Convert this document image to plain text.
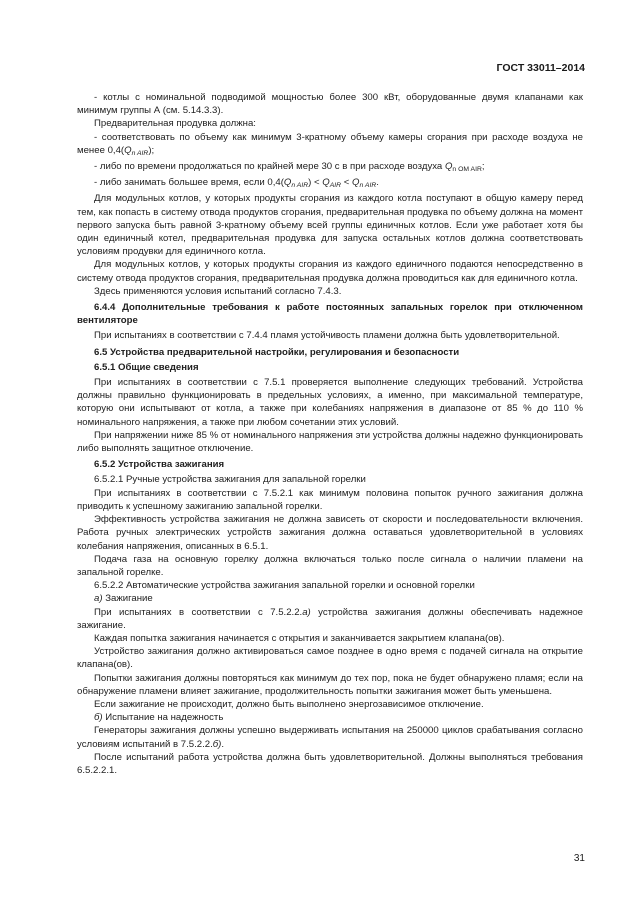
ГОСТ 33011–2014

- котлы с номинальной подводимой мощностью более 300 кВт, оборудованные двумя клапанами как минимум группы А (см. 5.14.3.3).

Предварительная продувка должна:

- соответствовать по объему как минимум 3-кратному объему камеры сгорания при расходе воздуха не менее $0,4(Q_{n AIR})$;

- либо по времени продолжаться по крайней мере 30 с в при расходе воздуха $Q_{n OM AIR}$;

- либо занимать большее время, если $0,4(Q_{n AIR}) < Q_{AIR} < Q_{n AIR}$.

Для модульных котлов, у которых продукты сгорания из каждого котла поступают в общую камеру перед тем, как попасть в систему отвода продуктов сгорания, предварительная продувка по объему должна на момент первого запуска быть равной 3-кратному объему всей группы единичных котлов. Если уже работает хотя бы один единичный котел, предварительная продувка для запуска остальных котлов должна соответствовать условиям продувки для единичного котла.

Для модульных котлов, у которых продукты сгорания из каждого единичного подаются непосредственно в систему отвода продуктов сгорания, предварительная продувка должна проводиться как для единичного котла.

Здесь применяются условия испытаний согласно 7.4.3.

6.4.4 Дополнительные требования к работе постоянных запальных горелок при отключенном вентиляторе

При испытаниях в соответствии с 7.4.4 пламя устойчивость пламени должна быть удовлетворительной.

6.5 Устройства предварительной настройки, регулирования и безопасности

6.5.1 Общие сведения

При испытаниях в соответствии с 7.5.1 проверяется выполнение следующих требований. Устройства должны правильно функционировать в предельных условиях, а именно, при максимальной температуре, которую они испытывают от котла, а также при колебаниях напряжения в диапазоне от 85 % до 110 % номинального напряжения, а также при любом сочетании этих условий.

При напряжении ниже 85 % от номинального напряжения эти устройства должны надежно функционировать либо выполнять защитное отключение.

6.5.2 Устройства зажигания

6.5.2.1 Ручные устройства зажигания для запальной горелки

При испытаниях в соответствии с 7.5.2.1 как минимум половина попыток ручного зажигания должна приводить к успешному зажиганию запальной горелки.

Эффективность устройства зажигания не должна зависеть от скорости и последовательности включения. Работа ручных электрических устройств зажигания должна оставаться удовлетворительной в условиях колебания напряжения, описанных в 6.5.1.

Подача газа на основную горелку должна включаться только после сигнала о наличии пламени на запальной горелке.

6.5.2.2 Автоматические устройства зажигания запальной горелки и основной горелки

а) Зажигание

При испытаниях в соответствии с 7.5.2.2.а) устройства зажигания должны обеспечивать надежное зажигание.

Каждая попытка зажигания начинается с открытия и заканчивается закрытием клапана(ов).

Устройство зажигания должно активироваться самое позднее в одно время с подачей сигнала на открытие клапана(ов).

Попытки зажигания должны повторяться как минимум до тех пор, пока не будет обнаружено пламя; если на обнаружение пламени влияет зажигание, продолжительность попытки зажигания может быть уменьшена.

Если зажигание не происходит, должно быть выполнено энергозависимое отключение.

б) Испытание на надежность

Генераторы зажигания должны успешно выдерживать испытания на 250000 циклов срабатывания согласно условиям испытаний в 7.5.2.2.б).

После испытаний работа устройства должна быть удовлетворительной. Должны выполняться требования 6.5.2.2.1.

31
